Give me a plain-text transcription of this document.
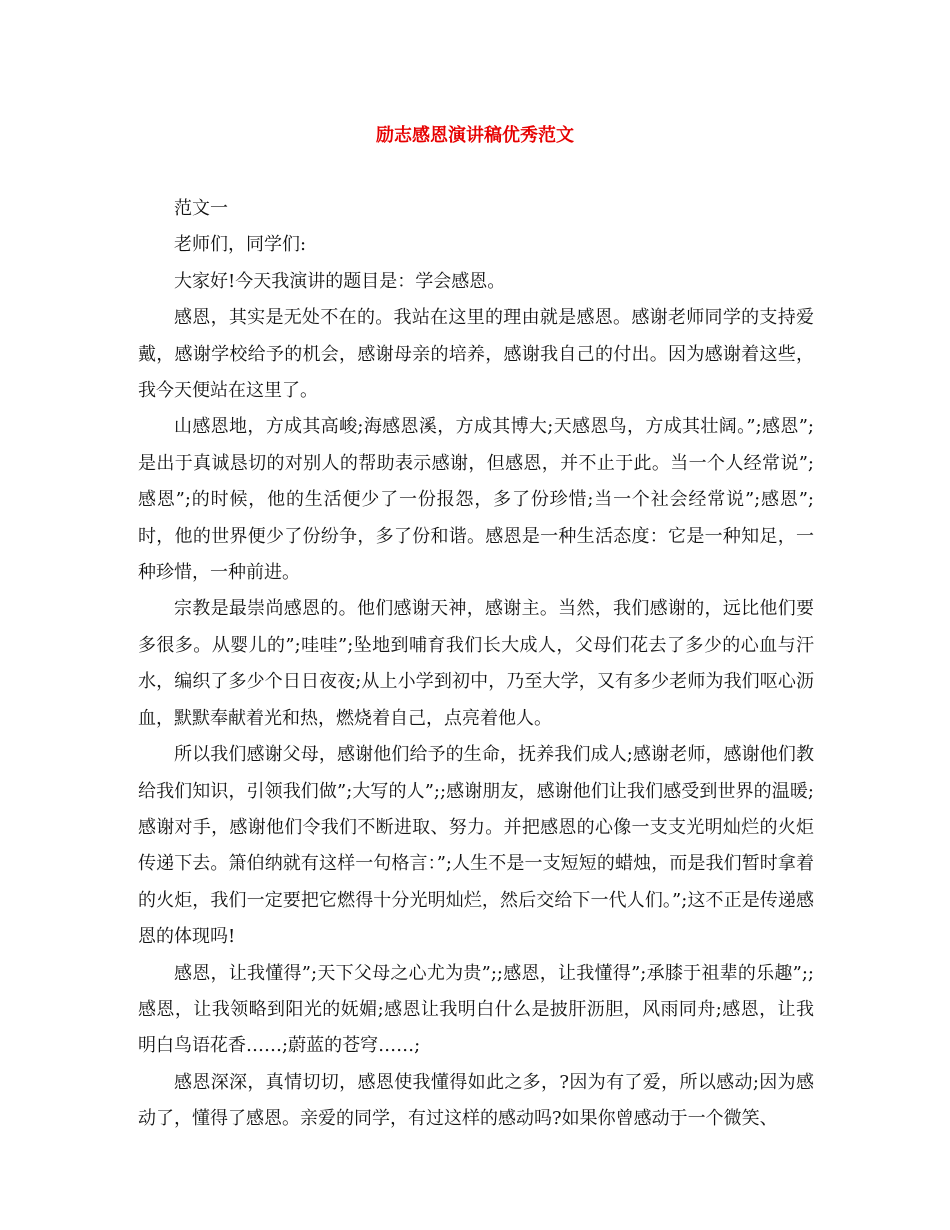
励志感恩演讲稿优秀范文

范文一

老师们，同学们:

大家好!今天我演讲的题目是：学会感恩。

感恩，其实是无处不在的。我站在这里的理由就是感恩。感谢老师同学的支持爱戴，感谢学校给予的机会，感谢母亲的培养，感谢我自己的付出。因为感谢着这些，我今天便站在这里了。

山感恩地，方成其高峻;海感恩溪，方成其博大;天感恩鸟，方成其壮阔。”;感恩”;是出于真诚恳切的对别人的帮助表示感谢，但感恩，并不止于此。当一个人经常说”;感恩”;的时候，他的生活便少了一份报怨，多了份珍惜;当一个社会经常说”;感恩”;时，他的世界便少了份纷争，多了份和谐。感恩是一种生活态度：它是一种知足，一种珍惜，一种前进。

宗教是最崇尚感恩的。他们感谢天神，感谢主。当然，我们感谢的，远比他们要多很多。从婴儿的”;哇哇”;坠地到哺育我们长大成人，父母们花去了多少的心血与汗水，编织了多少个日日夜夜;从上小学到初中，乃至大学，又有多少老师为我们呕心沥血，默默奉献着光和热，燃烧着自己，点亮着他人。

所以我们感谢父母，感谢他们给予的生命，抚养我们成人;感谢老师，感谢他们教给我们知识，引领我们做”;大写的人”;;感谢朋友，感谢他们让我们感受到世界的温暖;感谢对手，感谢他们令我们不断进取、努力。并把感恩的心像一支支光明灿烂的火炬传递下去。箫伯纳就有这样一句格言：”;人生不是一支短短的蜡烛，而是我们暂时拿着的火炬，我们一定要把它燃得十分光明灿烂，然后交给下一代人们。”;这不正是传递感恩的体现吗!

感恩，让我懂得”;天下父母之心尤为贵”;;感恩，让我懂得”;承膝于祖辈的乐趣”;;感恩，让我领略到阳光的妩媚;感恩让我明白什么是披肝沥胆，风雨同舟;感恩，让我明白鸟语花香……;蔚蓝的苍穹……;

感恩深深，真情切切，感恩使我懂得如此之多，?因为有了爱，所以感动;因为感动了，懂得了感恩。亲爱的同学，有过这样的感动吗?如果你曾感动于一个微笑、
